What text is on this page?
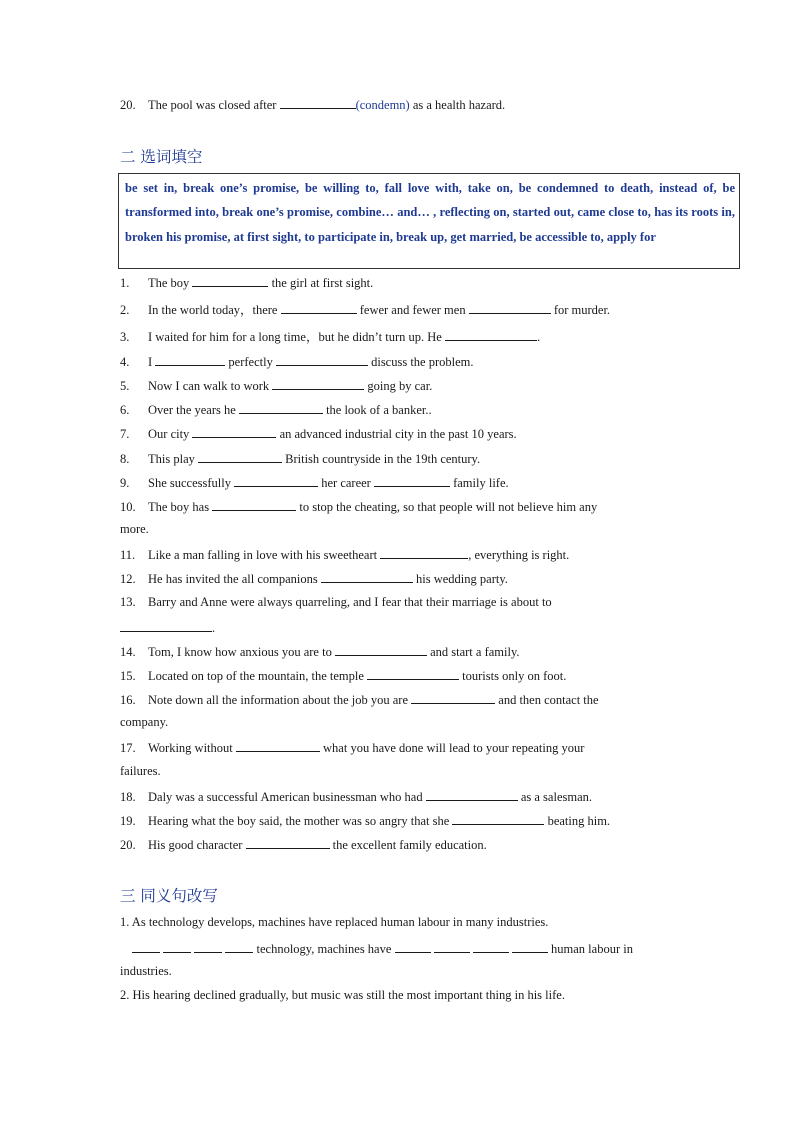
20. The pool was closed after	(condemn) as a health hazard.
二 选词填空

be set in, break one’s promise, be willing to, fall love with, take on, be condemned to death, instead of, be transformed into, break one’s promise, combine… and… , reflecting on, started out, came close to, has its roots in, broken his promise, at first sight, to participate in, break up, get married, be accessible to, apply for

1. The boy	the girl at first sight.
2. In the world today，there	fewer and fewer men	for murder.
3. I waited for him for a long time，but he didn’t turn up. He	.
4. I	perfectly	discuss the problem.
5. Now I can walk to work	going by car.
6. Over the years he	the look of a banker..
7. Our city	an advanced industrial city in the past 10 years.
8. This play	British countryside in the 19th century.
9. She successfully	her career	family life.
10. The boy has	to stop the cheating, so that people will not believe him any
more.
11. Like a man falling in love with his sweetheart	, everything is right.
12. He has invited the all companions	his wedding party.
13. Barry and Anne were always quarreling, and I fear that their marriage is about to
.
14. Tom, I know how anxious you are to	and start a family.
15. Located on top of the mountain, the temple	tourists only on foot.
16. Note down all the information about the job you are	and then contact the
company.
17. Working without	what you have done will lead to your repeating your
failures.
18. Daly was a successful American businessman who had	as a salesman.
19. Hearing what the boy said, the mother was so angry that she	beating him.
20. His good character	the excellent family education.
三 同义句改写
1. As technology develops, machines have replaced human labour in many industries.
technology, machines have	human labour in
industries.
2. His hearing declined gradually, but music was still the most important thing in his life.
